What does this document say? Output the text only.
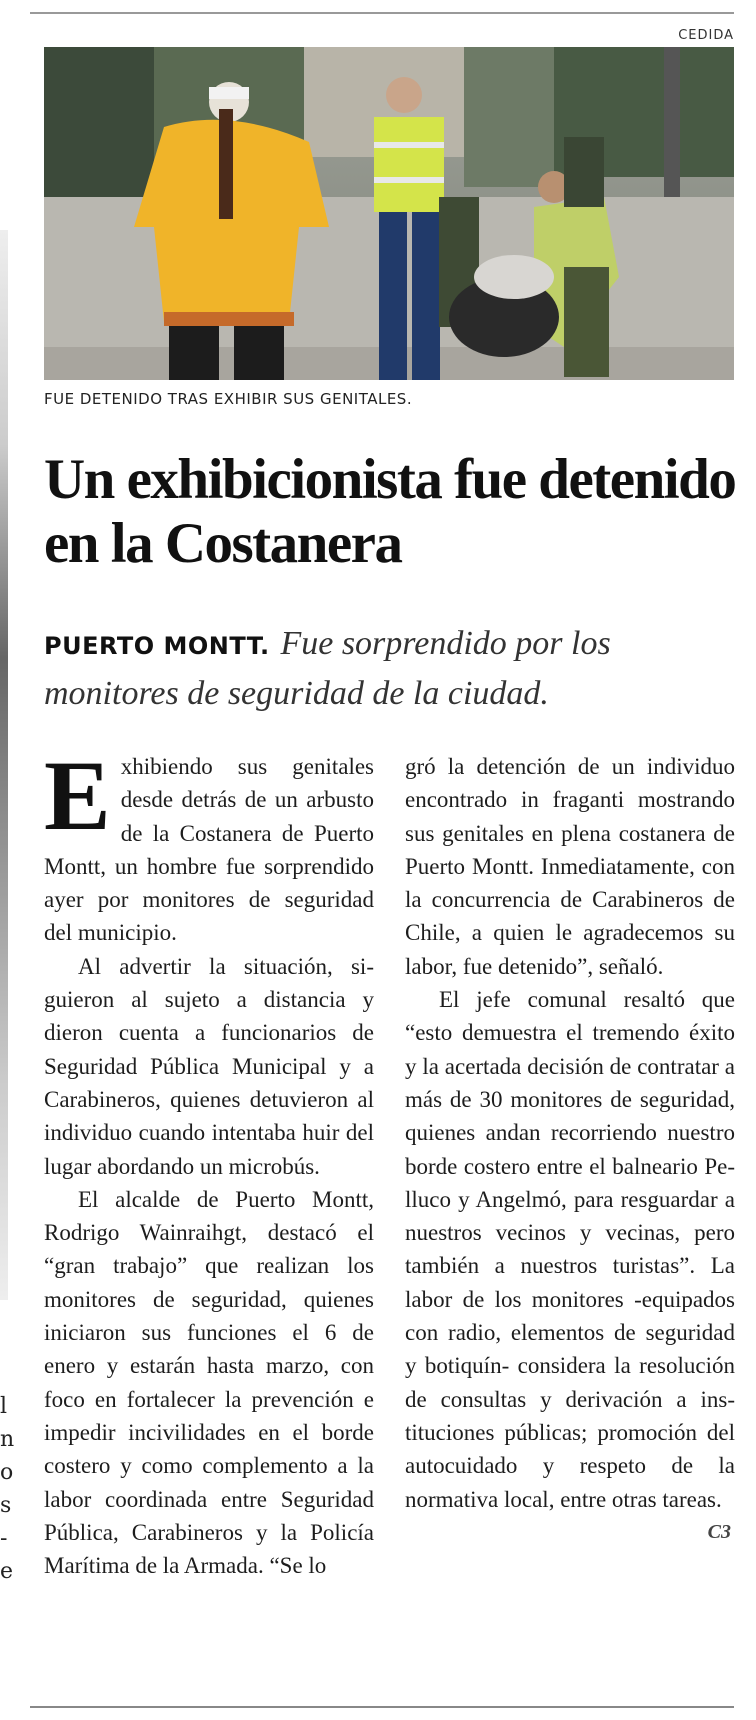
l
n
o
s
-
e
CEDIDA
FUE DETENIDO TRAS EXHIBIR SUS GENITALES.
Un exhibicionista fue detenido en la Costanera

PUERTO MONTT. Fue sorprendido por los monitores de seguridad de la ciudad.

Exhibiendo sus genitales desde detrás de un arbusto de la Costanera de Puerto Montt, un hombre fue sorprendido ayer por monitores de seguridad del municipio.

Al advertir la situación, siguieron al sujeto a distancia y dieron cuenta a funcionarios de Seguridad Pública Municipal y a Carabineros, quienes detuvieron al individuo cuando intentaba huir del lugar abordando un microbús.

El alcalde de Puerto Montt, Rodrigo Wainraihgt, destacó el “gran trabajo” que realizan los monitores de seguridad, quienes iniciaron sus funciones el 6 de enero y estarán hasta marzo, con foco en fortalecer la prevención e impedir incivilidades en el borde costero y como complemento a la labor coordinada entre Seguridad Pública, Carabineros y la Policía Marítima de la Armada. “Se lo

gró la detención de un individuo encontrado in fraganti mostrando sus genitales en plena costanera de Puerto Montt. Inmediatamente, con la concurrencia de Carabineros de Chile, a quien le agradecemos su labor, fue detenido”, señaló.

El jefe comunal resaltó que “esto demuestra el tremendo éxito y la acertada decisión de contratar a más de 30 monitores de seguridad, quienes andan recorriendo nuestro borde costero entre el balneario Pelluco y Angelmó, para resguardar a nuestros vecinos y vecinas, pero también a nuestros turistas”. La labor de los monitores -equipados con radio, elementos de seguridad y botiquín- considera la resolución de consultas y derivación a instituciones públicas; promoción del autocuidado y respeto de la normativa local, entre otras tareas.
C3
